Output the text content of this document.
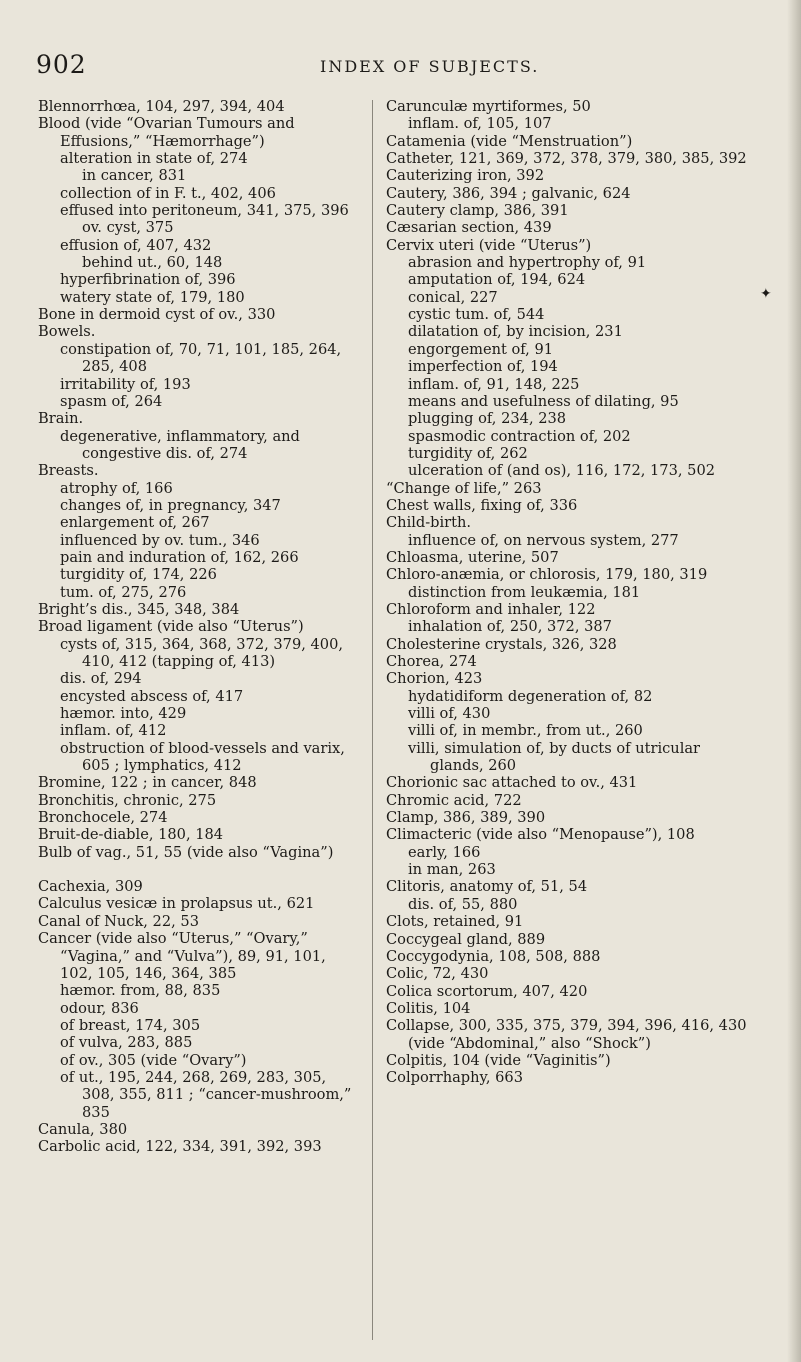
902	INDEX OF SUBJECTS.
Blennorrhœa, 104, 297, 394, 404
Blood (vide “Ovarian Tumours and Effusions,” “Hæmorrhage”)
alteration in state of, 274
in cancer, 831
collection of in F. t., 402, 406
effused into peritoneum, 341, 375, 396
ov. cyst, 375
effusion of, 407, 432
behind ut., 60, 148
hyperfibrination of, 396
watery state of, 179, 180
Bone in dermoid cyst of ov., 330
Bowels.
constipation of, 70, 71, 101, 185, 264, 285, 408
irritability of, 193
spasm of, 264
Brain.
degenerative, inflammatory, and congestive dis. of, 274
Breasts.
atrophy of, 166
changes of, in pregnancy, 347
enlargement of, 267
influenced by ov. tum., 346
pain and induration of, 162, 266
turgidity of, 174, 226
tum. of, 275, 276
Bright’s dis., 345, 348, 384
Broad ligament (vide also “Uterus”)
cysts of, 315, 364, 368, 372, 379, 400, 410, 412 (tapping of, 413)
dis. of, 294
encysted abscess of, 417
hæmor. into, 429
inflam. of, 412
obstruction of blood-vessels and varix, 605 ; lymphatics, 412
Bromine, 122 ; in cancer, 848
Bronchitis, chronic, 275
Bronchocele, 274
Bruit-de-diable, 180, 184
Bulb of vag., 51, 55 (vide also “Vagina”)
Cachexia, 309
Calculus vesicæ in prolapsus ut., 621
Canal of Nuck, 22, 53
Cancer (vide also “Uterus,” “Ovary,” “Vagina,” and “Vulva”), 89, 91, 101, 102, 105, 146, 364, 385
hæmor. from, 88, 835
odour, 836
of breast, 174, 305
of vulva, 283, 885
of ov., 305 (vide “Ovary”)
of ut., 195, 244, 268, 269, 283, 305, 308, 355, 811 ; “cancer-mushroom,” 835
Canula, 380
Carbolic acid, 122, 334, 391, 392, 393
Carunculæ myrtiformes, 50
inflam. of, 105, 107
Catamenia (vide “Menstruation”)
Catheter, 121, 369, 372, 378, 379, 380, 385, 392
Cauterizing iron, 392
Cautery, 386, 394 ; galvanic, 624
Cautery clamp, 386, 391
Cæsarian section, 439
Cervix uteri (vide “Uterus”)
abrasion and hypertrophy of, 91
amputation of, 194, 624
conical, 227
cystic tum. of, 544
dilatation of, by incision, 231
engorgement of, 91
imperfection of, 194
inflam. of, 91, 148, 225
means and usefulness of dilating, 95
plugging of, 234, 238
spasmodic contraction of, 202
turgidity of, 262
ulceration of (and os), 116, 172, 173, 502
“Change of life,” 263
Chest walls, fixing of, 336
Child-birth.
influence of, on nervous system, 277
Chloasma, uterine, 507
Chloro-anæmia, or chlorosis, 179, 180, 319
distinction from leukæmia, 181
Chloroform and inhaler, 122
inhalation of, 250, 372, 387
Cholesterine crystals, 326, 328
Chorea, 274
Chorion, 423
hydatidiform degeneration of, 82
villi of, 430
villi of, in membr., from ut., 260
villi, simulation of, by ducts of utricular glands, 260
Chorionic sac attached to ov., 431
Chromic acid, 722
Clamp, 386, 389, 390
Climacteric (vide also “Menopause”), 108
early, 166
in man, 263
Clitoris, anatomy of, 51, 54
dis. of, 55, 880
Clots, retained, 91
Coccygeal gland, 889
Coccygodynia, 108, 508, 888
Colic, 72, 430
Colica scortorum, 407, 420
Colitis, 104
Collapse, 300, 335, 375, 379, 394, 396, 416, 430 (vide “Abdominal,” also “Shock”)
Colpitis, 104 (vide “Vaginitis”)
Colporrhaphy, 663
✦
